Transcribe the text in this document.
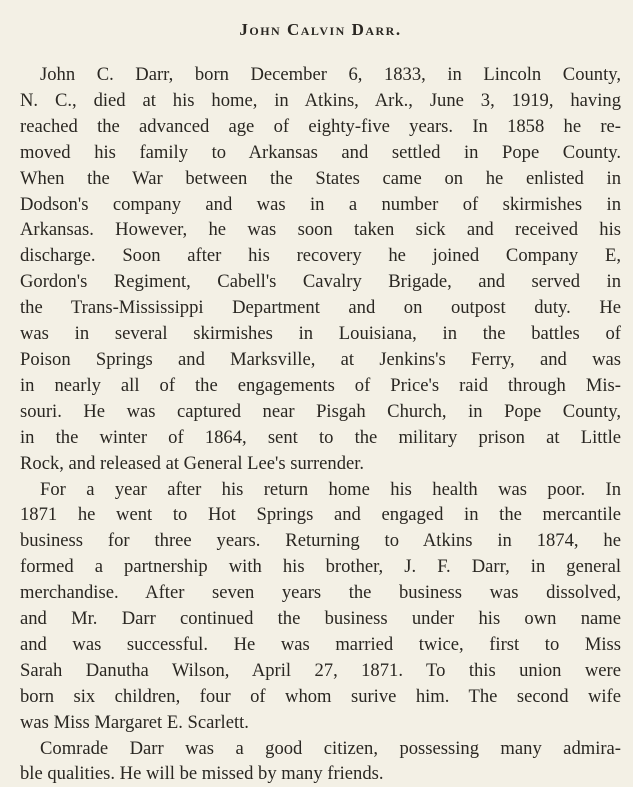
John Calvin Darr.

John C. Darr, born December 6, 1833, in Lincoln County,
N. C., died at his home, in Atkins, Ark., June 3, 1919, having
reached the advanced age of eighty-five years. In 1858 he re-
moved his family to Arkansas and settled in Pope County.
When the War between the States came on he enlisted in
Dodson's company and was in a number of skirmishes in
Arkansas. However, he was soon taken sick and received his
discharge. Soon after his recovery he joined Company E,
Gordon's Regiment, Cabell's Cavalry Brigade, and served in
the Trans-Mississippi Department and on outpost duty. He
was in several skirmishes in Louisiana, in the battles of
Poison Springs and Marksville, at Jenkins's Ferry, and was
in nearly all of the engagements of Price's raid through Mis-
souri. He was captured near Pisgah Church, in Pope County,
in the winter of 1864, sent to the military prison at Little
Rock, and released at General Lee's surrender.

For a year after his return home his health was poor. In
1871 he went to Hot Springs and engaged in the mercantile
business for three years. Returning to Atkins in 1874, he
formed a partnership with his brother, J. F. Darr, in general
merchandise. After seven years the business was dissolved,
and Mr. Darr continued the business under his own name
and was successful. He was married twice, first to Miss
Sarah Danutha Wilson, April 27, 1871. To this union were
born six children, four of whom surive him. The second wife
was Miss Margaret E. Scarlett.

Comrade Darr was a good citizen, possessing many admira-
ble qualities. He will be missed by many friends.
